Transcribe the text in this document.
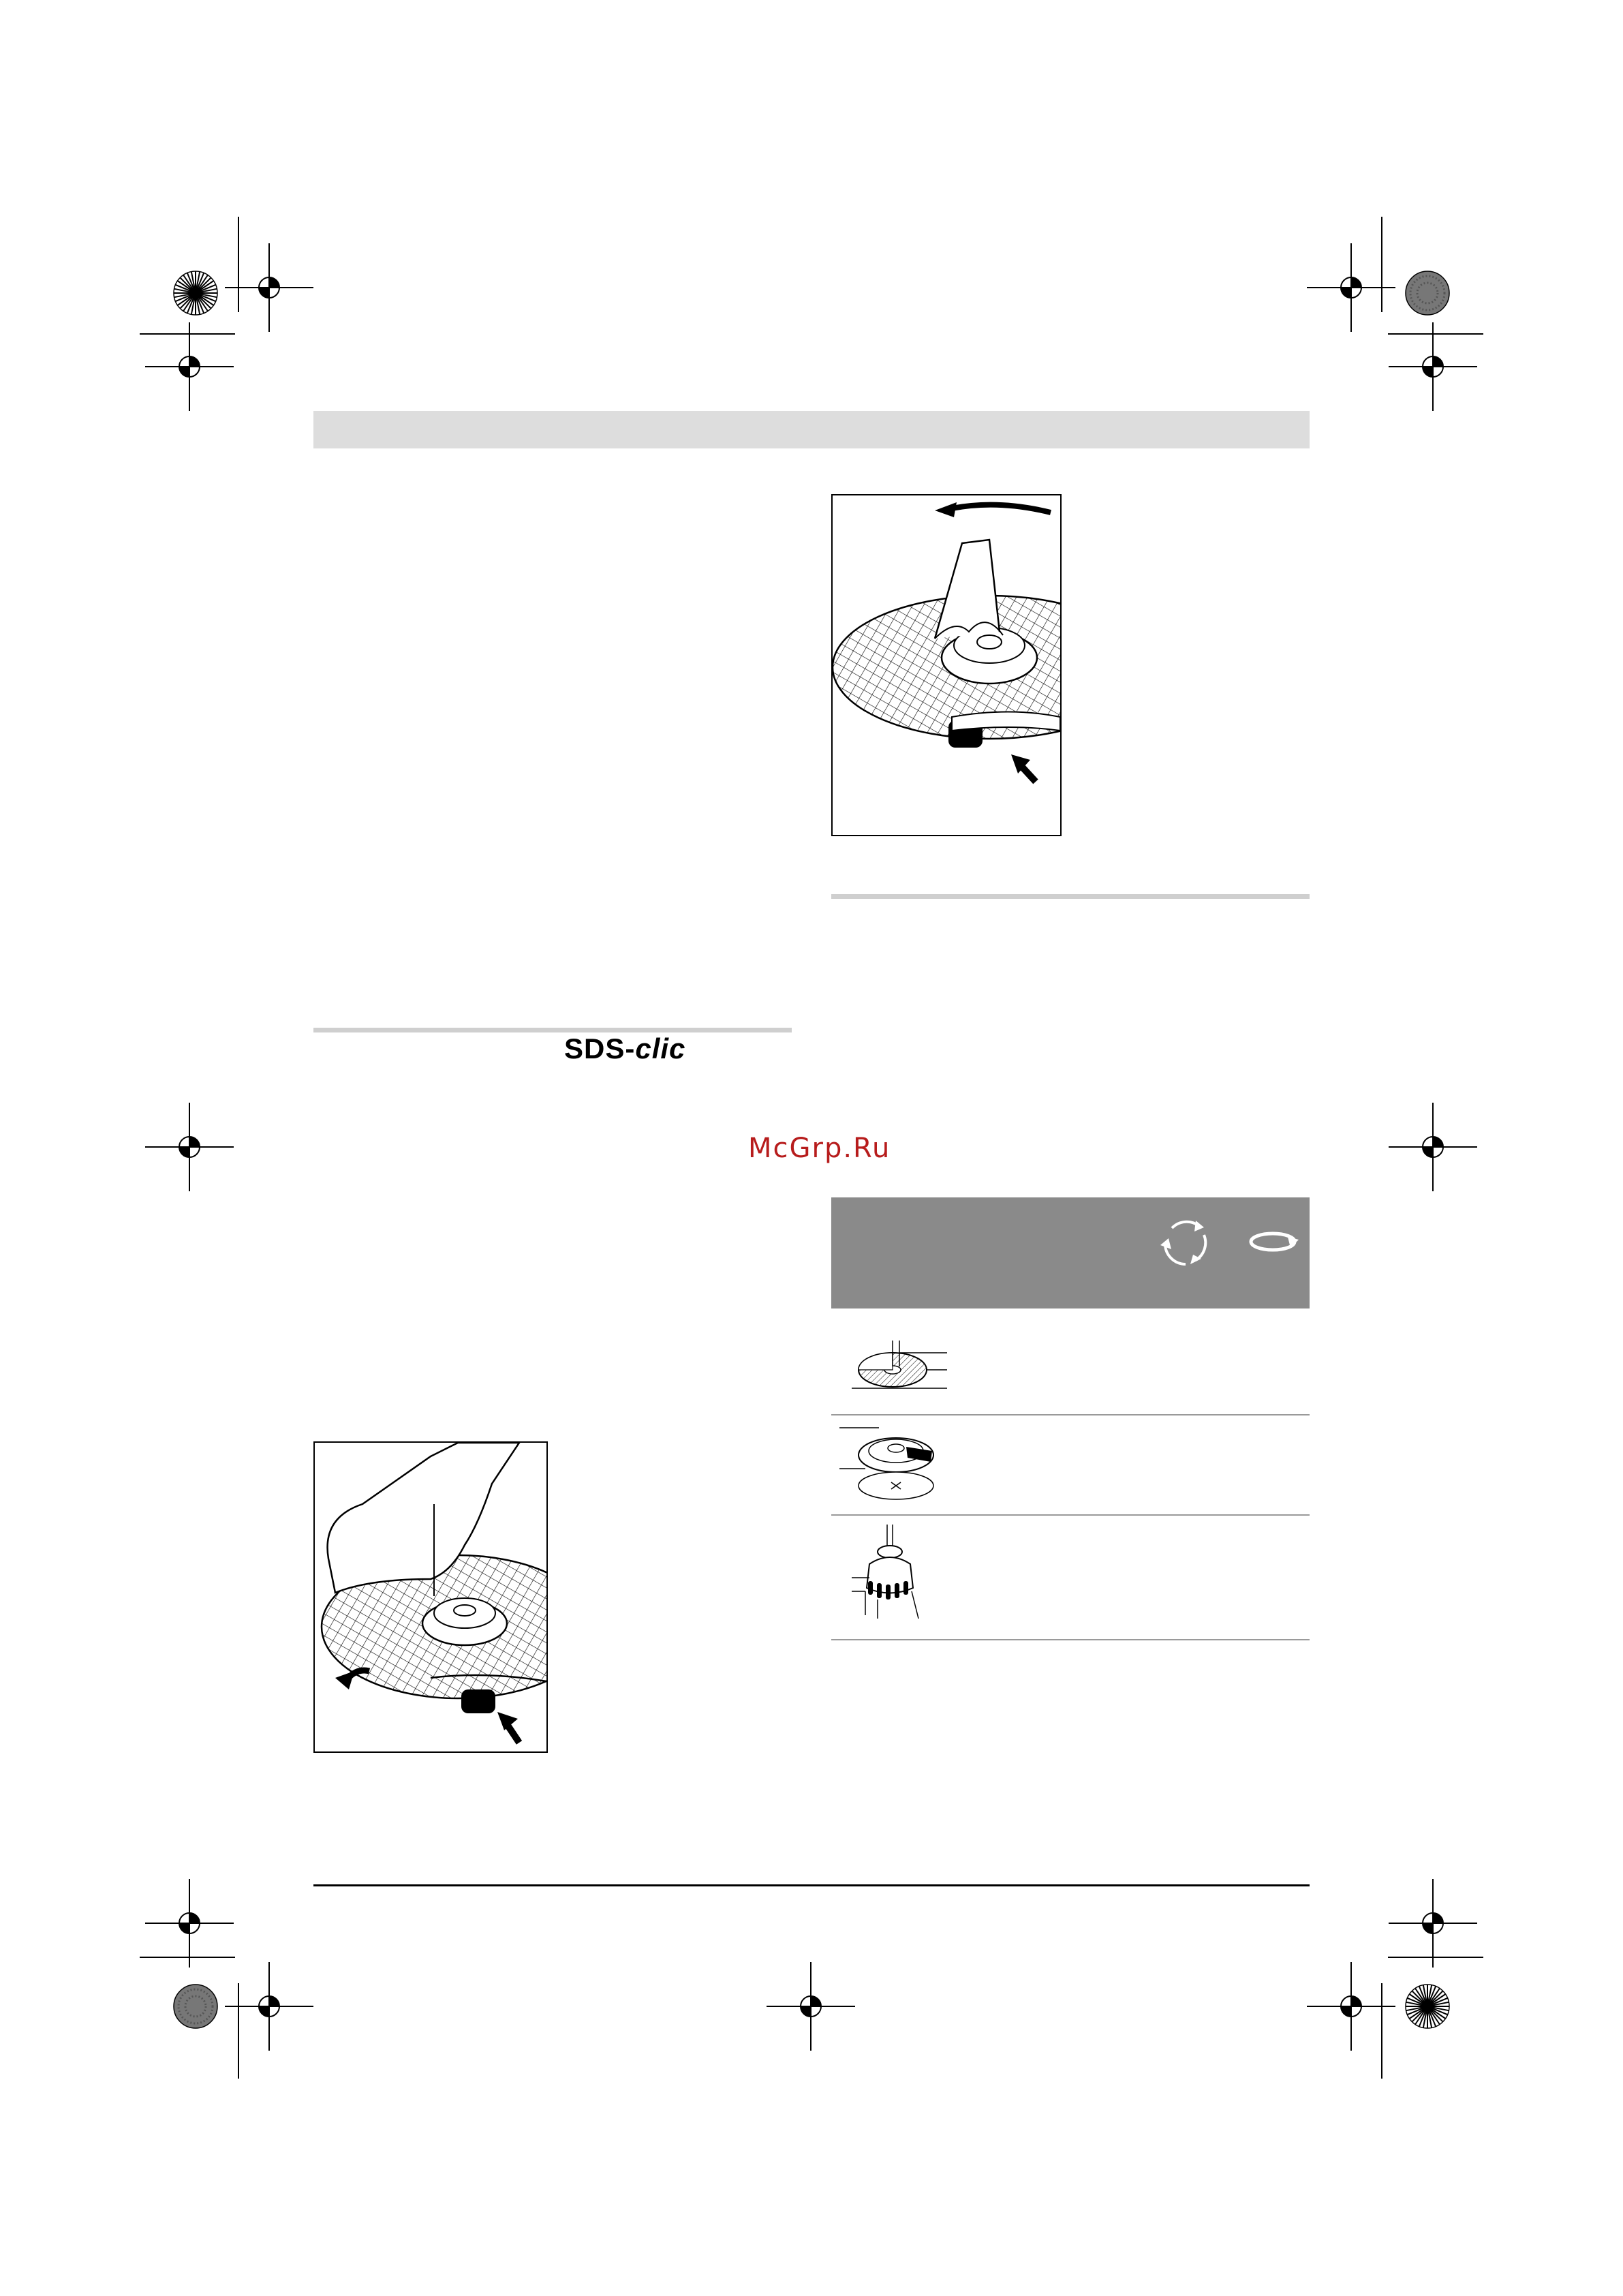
SDS-clic
McGrp.Ru
